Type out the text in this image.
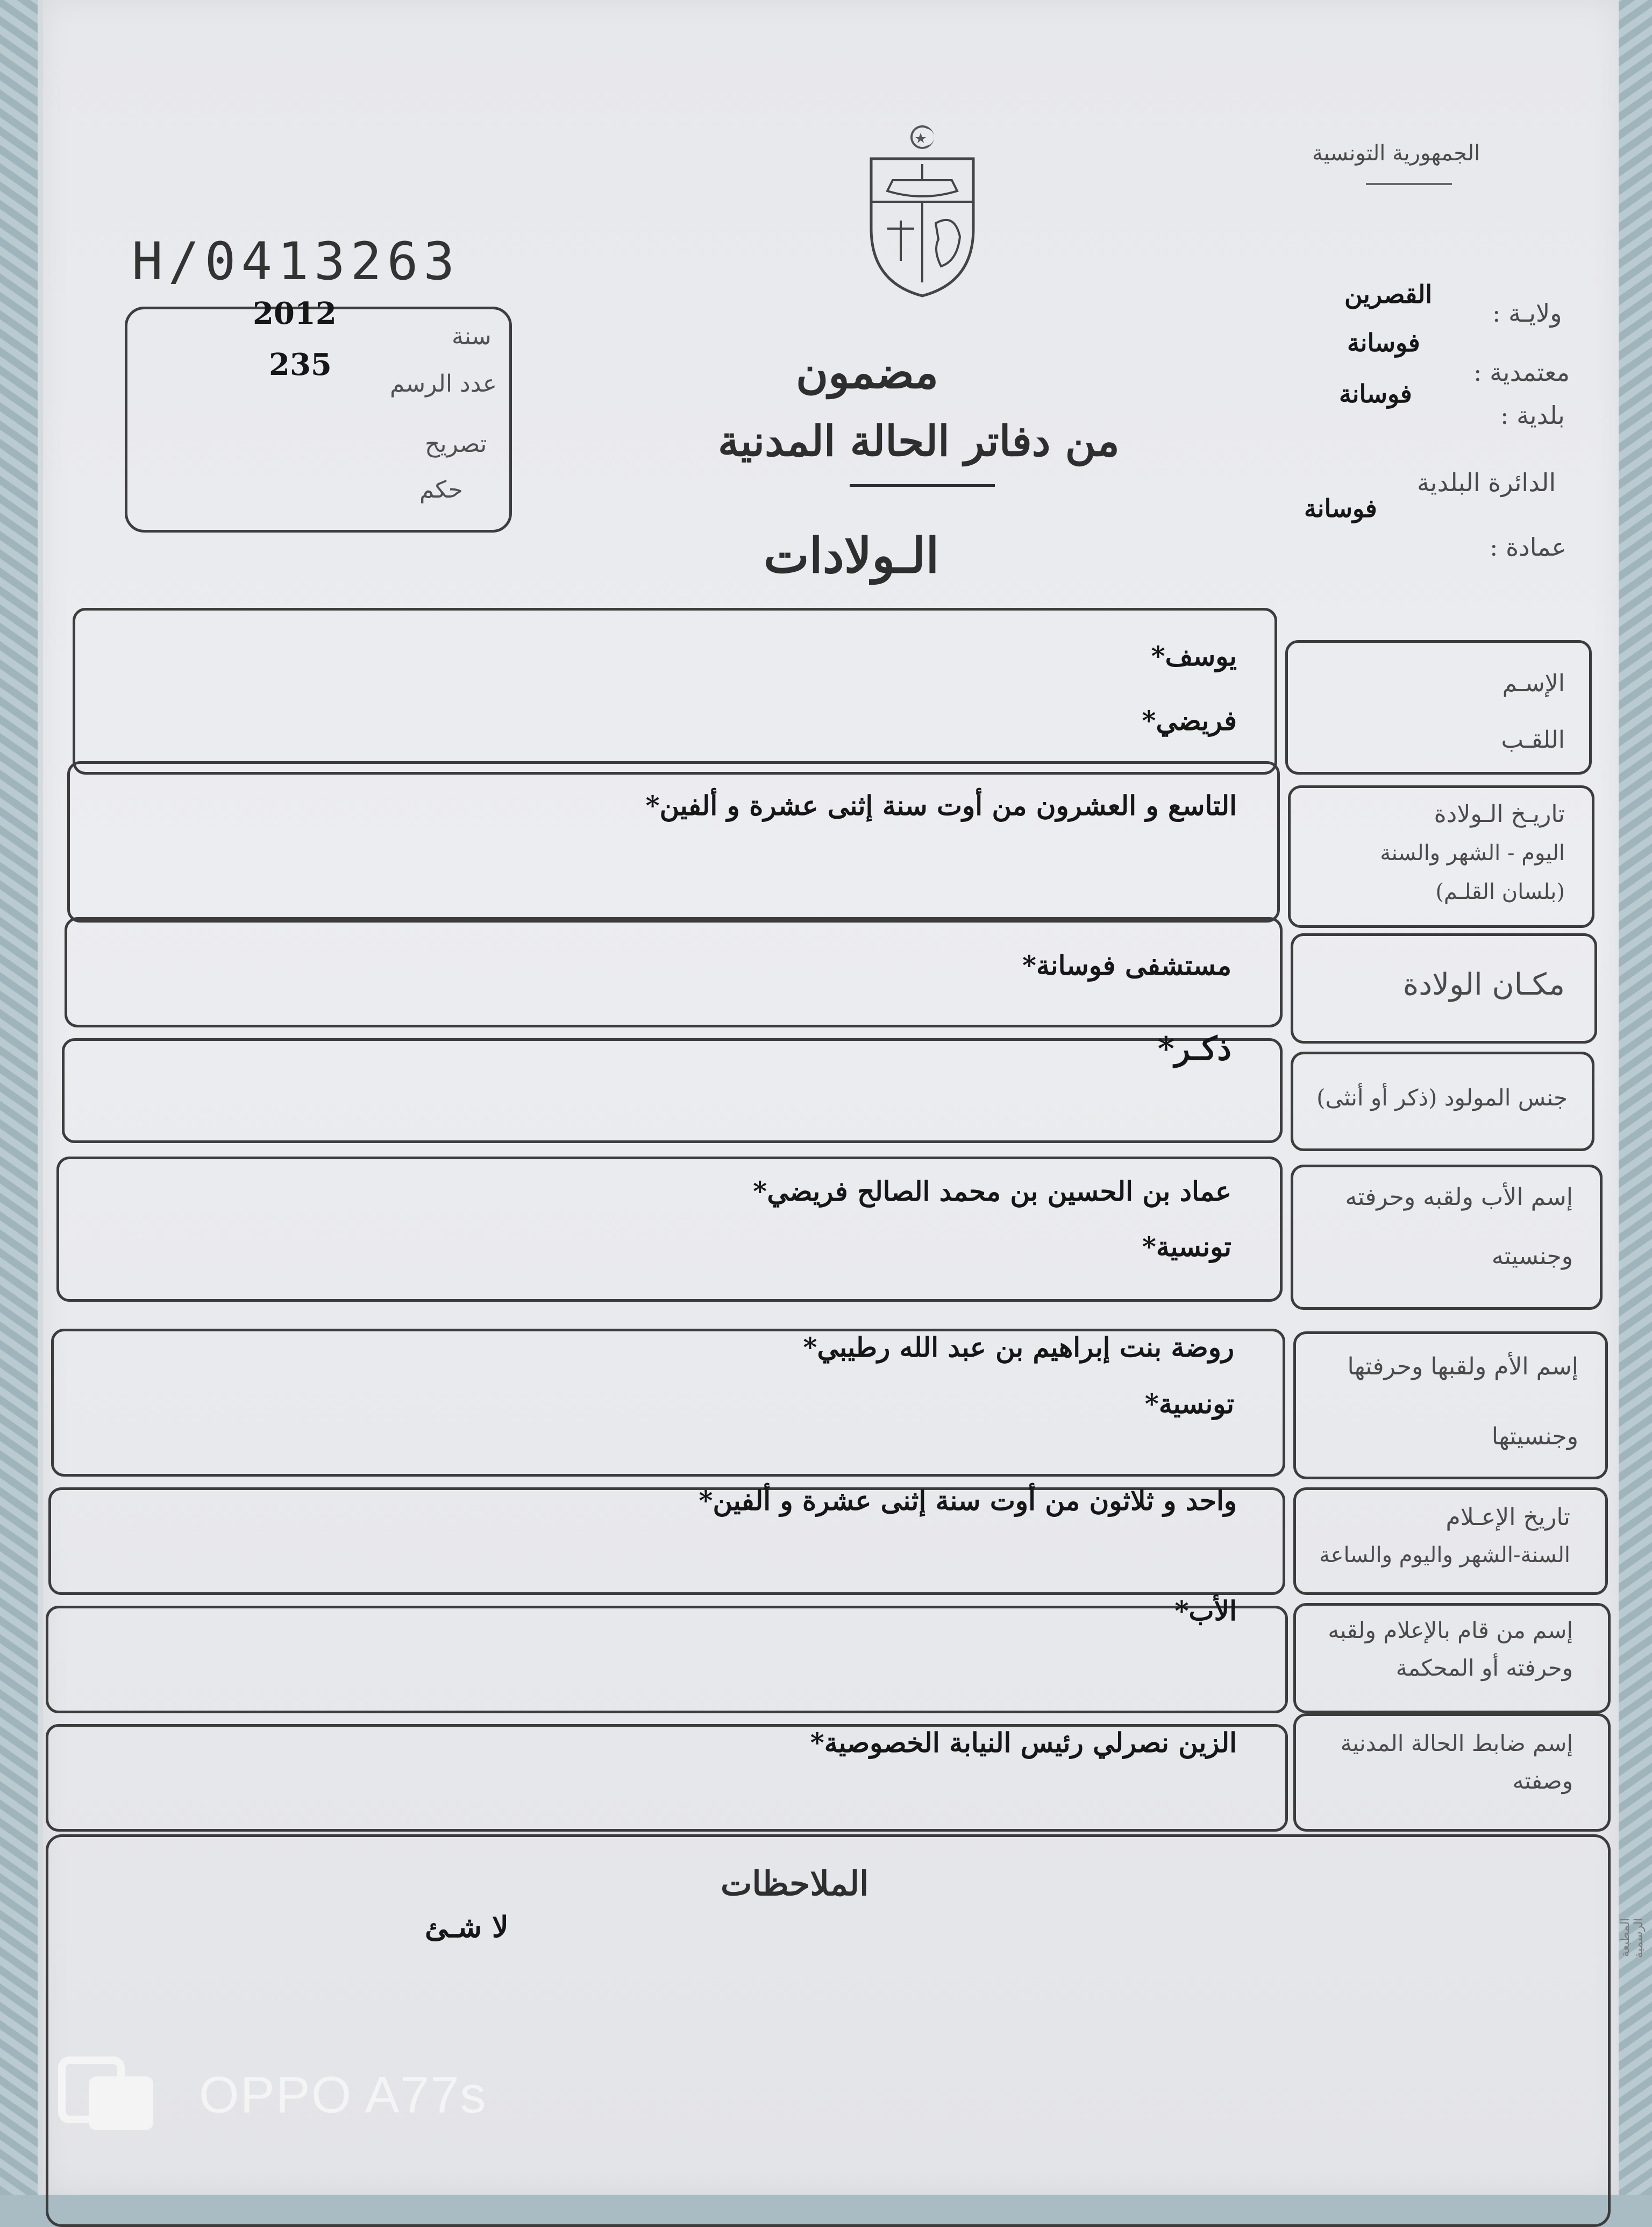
H/0413263
2012
235
سنة
عدد الرسم
تصريح
حكم
الجمهورية التونسية
ولايـة :
القصرين
معتمدية :
فوسانة
بلدية :
فوسانة
الدائرة البلدية
عمادة :
فوسانة
مضمون
من دفاتر الحالة المدنية
الـولادات
الإسـم
اللقـب
يوسف*
فريضي*
تاريـخ الـولادة
اليوم - الشهر والسنة
(بلسان القلـم)
التاسع و العشرون من أوت سنة إثنى عشرة و ألفين*
مكـان الولادة
مستشفى فوسانة*
جنس المولود (ذكر أو أنثى)
ذكـر*
إسم الأب ولقبه وحرفته
وجنسيته
عماد بن الحسين بن محمد الصالح فريضي*
تونسية*
إسم الأم ولقبها وحرفتها
وجنسيتها
روضة بنت إبراهيم بن عبد الله رطيبي*
تونسية*
تاريخ الإعـلام
السنة-الشهر واليوم والساعة
واحد و ثلاثون من أوت سنة إثنى عشرة و ألفين*
إسم من قام بالإعلام ولقبه
وحرفته أو المحكمة
الأب*
إسم ضابط الحالة المدنية
وصفته
الزين نصرلي رئيس النيابة الخصوصية*
الملاحظات
لا شـئ	المطبعة الرسمية
OPPO A77s
